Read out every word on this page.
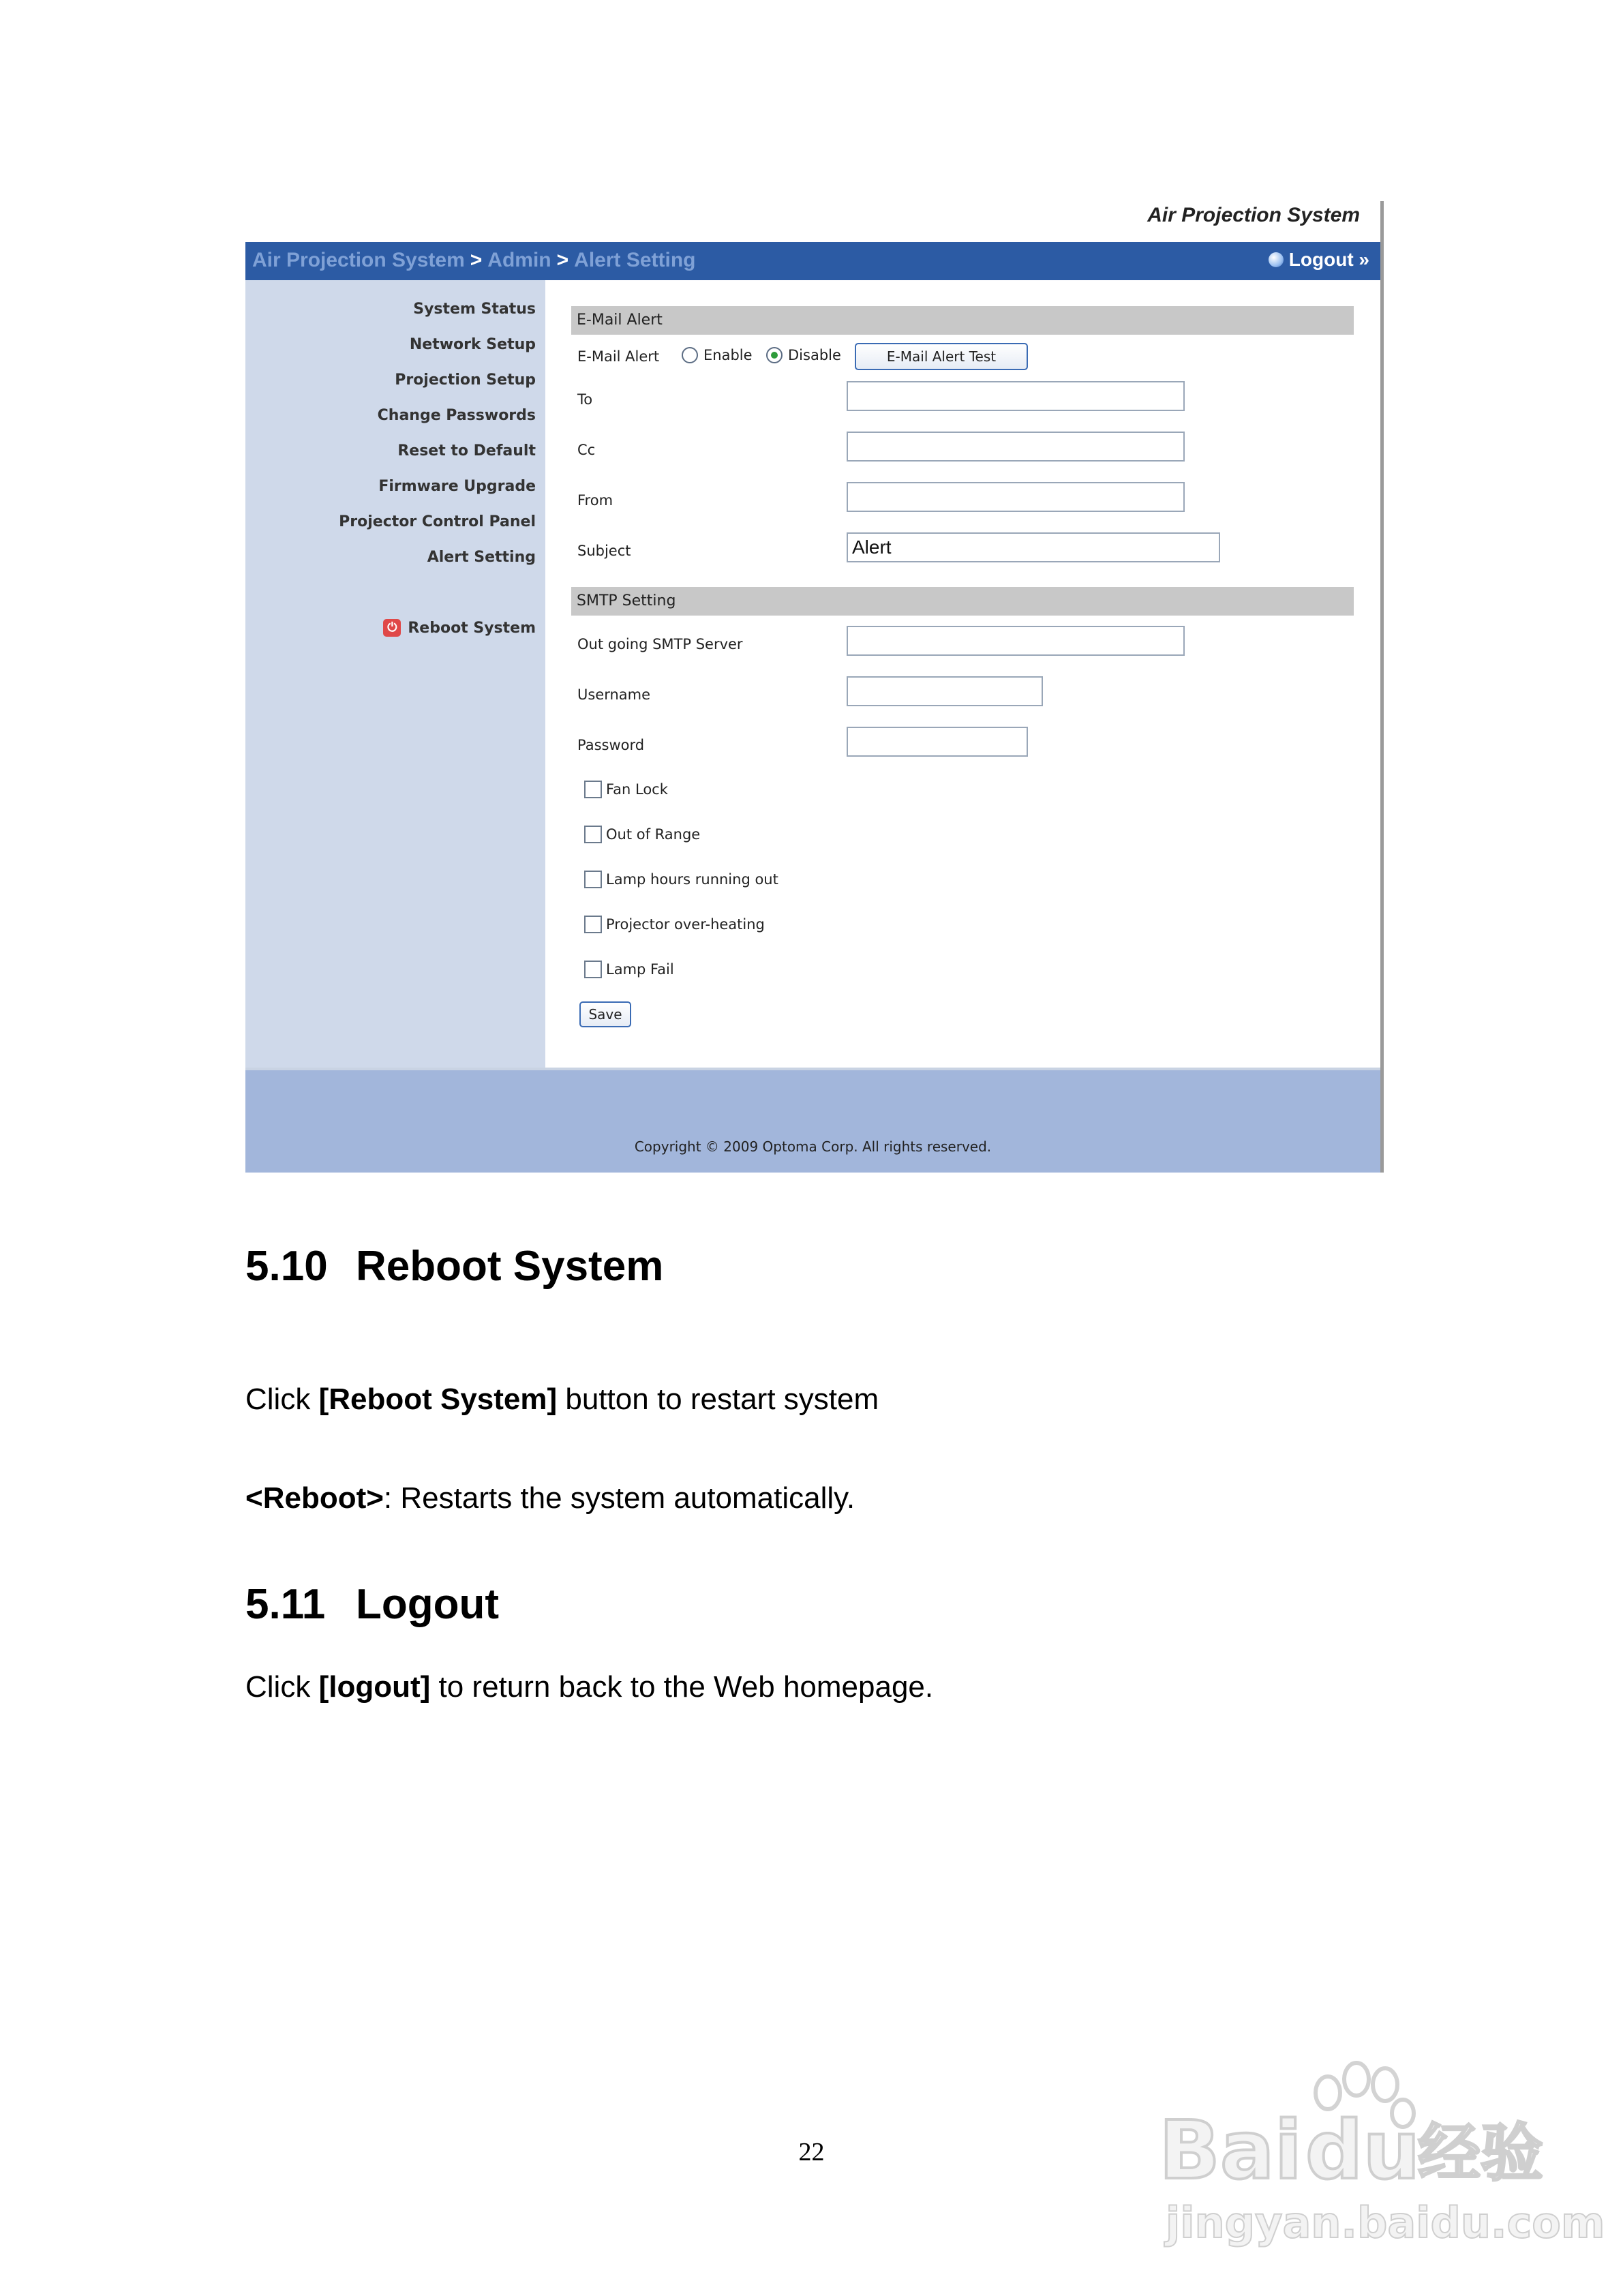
Air Projection System
Air Projection System > Admin > Alert Setting	Logout »
System Status
Network Setup
Projection Setup
Change Passwords
Reset to Default
Firmware Upgrade
Projector Control Panel
Alert Setting
⏻ Reboot System
E-Mail Alert
E-Mail Alert	Enable Disable	E-Mail Alert Test
To
Cc
From
Subject	Alert
SMTP Setting
Out going SMTP Server
Username
Password
Fan Lock
Out of Range
Lamp hours running out
Projector over-heating
Lamp Fail
Save
Copyright © 2009 Optoma Corp. All rights reserved.
5.10 Reboot System
Click [Reboot System] button to restart system
<Reboot>: Restarts the system automatically.
5.11 Logout
Click [logout] to return back to the Web homepage.
22	Bai du
经验
jingyan.baidu.com
